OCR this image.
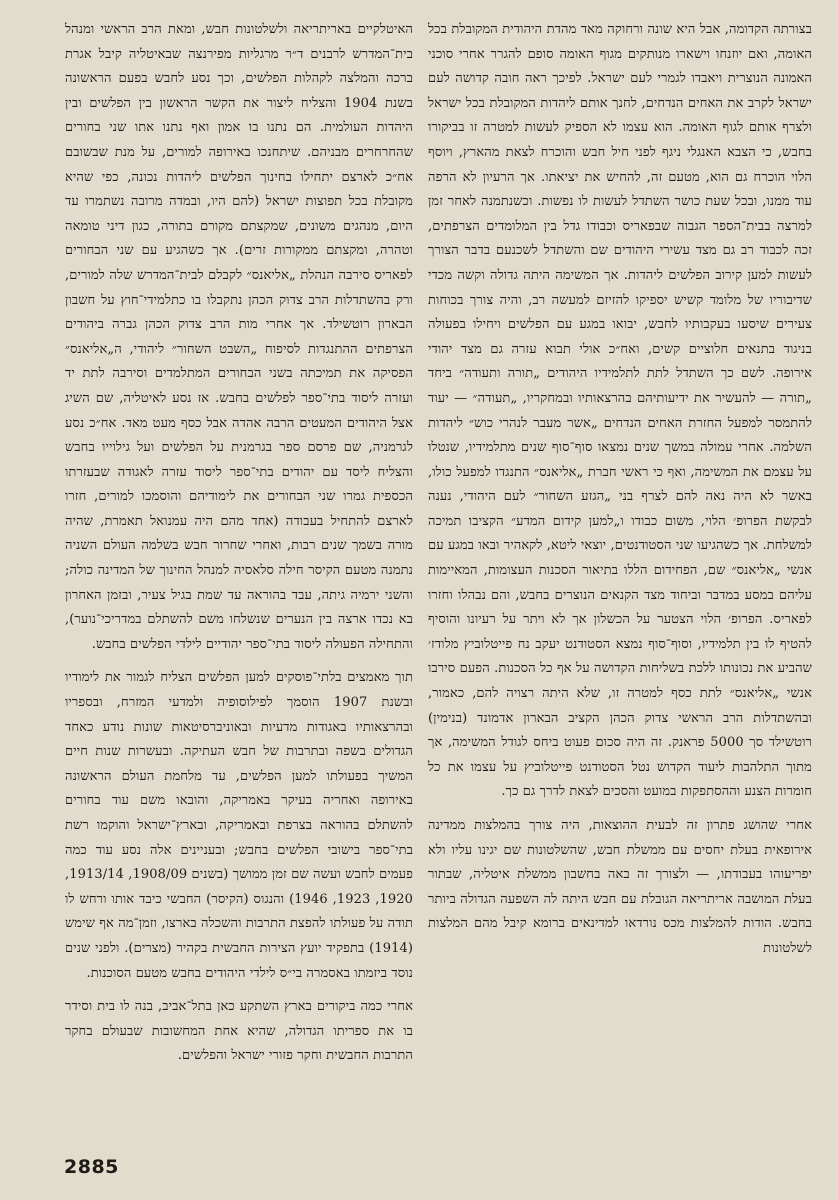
בצורתה הקדומה, אבל היא שונה ורחוקה מאד מהדת היהודית המקובלת בכל האומה, ואם יוזנחו וישארו מנותקים מגוף האומה סופם להגרר אחרי סוכני האמונה הנוצרית ויאבדו לגמרי לעם ישראל. לפיכך ראה חובה קדושה לעם ישראל לקרב את האחים הנדחים, לחנך אותם ליהדות המקובלת בכל ישראל ולצרף אותם לגוף האומה. הוא עצמו לא הספיק לעשות למטרה זו בביקורו בחבש, כי הצבא האנגלי ניגף לפני חיל חבש והוכרח לצאת מהארץ, ויוסף הלוי הוכרח גם הוא, מטעם זה, להחיש את יציאתו. אך הרעיון לא הרפה עוד ממנו, ובכל שעת כושר השתדל לעשות לו נפשות. וכשנתמנה לאחר זמן למרצה בבית־הספר הגבוה שבפאריס וכבודו גדל בין המלומדים הצרפתים, זכה לכבוד רב גם מצד עשירי היהודים שם והשתדל לשכנעם בדבר הצורך לעשות למען קירוב הפלשים ליהדות. אך המשימה היתה גדולה וקשה מכדי שדיבוריו של מלומד קשיש יספיקו להזיזם למעשה רב, והיה צורך בכוחות צעירים שיסעו בעקבותיו לחבש, יבואו במגע עם הפלשים ויחילו בפעולה בניגוד בתנאים חלוציים קשים, ואח״כ אולי תבוא עזרה גם מצד יהודי אירופה. לשם כך השתדל לתת לתלמידיו היהודים „תורה ותעודה״ ביחד „תורה — להעשיר את ידיעותיהם בהרצאותיו ובמחקריו, „תעודה״ — יעוד להתמסר למפעל החזרת האחים הנדחים „אשר מעבר לנהרי כוש״ ליהדות השלמה. אחרי עמולה במשך שנים נמצאו סוף־סוף שנים מתלמידיו, שנטלו על עצמם את המשימה, ואף כי ראשי חברת „אליאנס״ התנגדו למפעל כולו, באשר לא היה נאה להם לצרף בני „הגזע השחור״ לעם היהודי, נענה לבקשת הפרופ׳ הלוי, משום כבודו ו„למען קידום המדע״ הקציבו תמיכה למשלחת. אך כשהגיעו שני הסטודנטים, יוצאי ליטא, לקאהיר ובאו במגע עם אנשי „אליאנס״ שם, הפחידום הללו בתיאור הסכנות העצומות, המאיימות עליהם במסע במדבר וביחוד מצד הקנאים הנוצרים בחבש, והם נבהלו וחזרו לפאריס. הפרופ׳ הלוי הצטער על הכשלון אך לא ויתר על רעיונו והוסיף להטיף לו בין תלמידיו, וסוף־סוף נמצא הסטודנט יעקב נח פייטלוביץ מלודז׳ שהביע את נכונותו ללכת בשליחות הקדושה על אף כל הסכנות. הפעם סירבו אנשי „אליאנס״ לתת כסף למטרה זו, שלא היתה רצויה להם, כאמור, ובהשתדלות הרב הראשי צדוק הכהן הקציב הבארון אדמונד (בנימין) רוטשילד סך 5000 פראנק. זה היה סכום פעוט ביחס לגודל המשימה, אך מתוך התלהבות ליעוד הקדוש נטל הסטודנט פייטלוביץ על עצמו את כל חומרות הצנע וההסתפקות במועט והסכים לצאת לדרך גם כך.

אחרי שהושג פתרון זה לבעית ההוצאות, היה צורך בהמלצות ממדינה אירופאית בעלת יחסים עם ממשלת חבש, שהשלטונות שם יגינו עליו ולא יפריעוהו בעבודתו, — ולצורך זה באה בחשבון ממשלת איטליה, שבתור בעלת המושבה אריתריאה הגובלת עם חבש היתה לה השפעה הגדולה ביותר בחבש. הודות להמלצות מכס נורדאו למדינאים ברומא קיבל מהם המלצות לשלטונות

האיטלקיים באריתריאה ולשלטונות חבש, ומאת הרב הראשי ומנהל בית־המדרש לרבנים ד״ר מרגליות מפירנצה שבאיטליה קיבל אגרת ברכה והמלצה לקהלות הפלשים, וכך נסע לחבש בפעם הראשונה בשנת 1904 והצליח ליצור את הקשר הראשון בין הפלשים ובין היהדות העולמית. הם נתנו בו אמון ואף נתנו אתו שני בחורים שהחרחרים מבניהם. שיתחנכו באירופה למורים, על מנת שבשובם אח״כ לארצם יתחילו בחינוך הפלשים ליהדות נכונה, כפי שהיא מקובלת בכל תפוצות ישראל (להם היו, ובמדה מרובה נשתמרו עד היום, מנהגים משונים, שמקצתם מקורם בתורה, כגון דיני טומאה וטהרה, ומקצתם ממקורות זרים). אך כשהגיע עם שני הבחורים לפאריס סירבה הנהלת „אליאנס״ לקבלם לבית־המדרש שלה למורים, ורק בהשתדלות הרב צדוק הכהן נתקבלו בו כתלמידי־חוץ על חשבון הבארון רוטשילד. אך אחרי מות הרב צדוק הכהן גברה ביהודים הצרפתים ההתנגדות לסיפוח „השבט השחור״ ליהודי, ה„אליאנס״ הפסיקה את תמיכתה בשני הבחורים המתלמדים וסירבה לתת יד ועזרה ליסוד בתי־ספר לפלשים בחבש. אז נסע לאיטליה, שם השיג אצל היהודים המעטים הרבה אהדה אבל כסף מעט מאד. אח״כ נסע לגרמניה, שם פרסם ספר בגרמנית על הפלשים ועל גילוייו בחבש והצליח ליסד עם יהודים בתי־ספר ליסוד עזרה לאגודה שבעזרתו הכספית גמרו שני הבחורים את לימודיהם והוסמכו למורים, חזרו לארצם להתחיל בעבודה (אחד מהם היה עמנואל תאמרת, שהיה מורה בשמך שנים רבות, ואחרי שחרור חבש בשלמה העולם השניה נתמנה מטעם הקיסר חילה סלאסיה למנהל החינוך של המדינה כולה; והשני ירמיה גיתה, עבד בהוראה עד שמת בגיל צעיר, ובזמן האחרון בא נכדו ארצה בין הנערים שנשלחו משם להשתלם במדריכי־נוער), והתחילה הפעולה ליסוד בתי־ספר יהודיים לילדי הפלשים בחבש.

תוך מאמצים בלתי־פוסקים למען הפלשים הצליח לגמור את לימודיו ובשנת 1907 הוסמך לפילוסופיה ולמדעי המזרח, ובספריו ובהרצאותיו באגודות מדעיות ובאוניברסיטאות שונות נודע כאחד הגדולים בשפה ובתרבות של חבש העתיקה. ובעשרות שנות חיים המשיך בפעולתו למען הפלשים, עד מלחמת העולם הראשונה באירופה ואחריה בעיקר באמריקה, והובאו משם עוד בחורים להשתלם בהוראה בצרפת ובאמריקה, ובארץ־ישראל והוקמו רשת בתי־ספר בישובי הפלשים בחבש; ובעניינים אלה נסע עוד כמה פעמים לחבש ועשה שם זמן ממושך (בשנים 1908/09, 1913/14, 1920, 1923, 1946) והנגוס (הקיסר) החבשי כיבד אותו ורחש לו תודה על פעולתו להפצת התרבות והשכלה בארצו, וזמן־מה אף שימש (1914) בתפקיד יועץ הצירות החבשית בקהיר (מצרים). ולפני שנים נוסד ביזמתו באסמרה בי״ס לילדי היהודים בחבש מטעם הסוכנות.

אחרי כמה ביקורים בארץ השתקע כאן בתל־אביב, בנה לו בית וסידר בו את ספריתו הגדולה, שהיא אחת המחשובות שבעולם בחקר התרבות החבשית וחקר פזורי ישראל והפלשים.

2885
